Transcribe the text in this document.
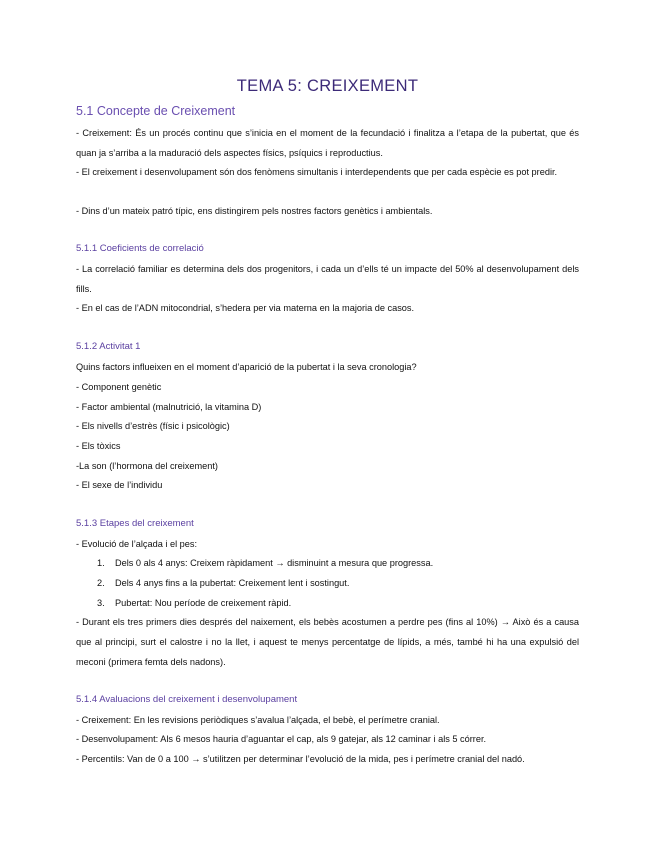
TEMA 5: CREIXEMENT
5.1 Concepte de Creixement

- Creixement: És un procés continu que s’inicia en el moment de la fecundació i finalitza a l’etapa de la pubertat, que és quan ja s’arriba a la maduració dels aspectes físics, psíquics i reproductius.

- El creixement i desenvolupament són dos fenòmens simultanis i interdependents que per cada espècie es pot predir.

- Dins d’un mateix patró típic, ens distingirem pels nostres factors genètics i ambientals.

5.1.1 Coeficients de correlació

- La correlació familiar es determina dels dos progenitors, i cada un d’ells té un impacte del 50% al desenvolupament dels fills.

- En el cas de l’ADN mitocondrial, s’hedera per via materna en la majoria de casos.

5.1.2 Activitat 1

Quins factors influeixen en el moment d’aparició de la pubertat i la seva cronologia?

- Component genètic

- Factor ambiental (malnutrició, la vitamina D)

- Els nivells d’estrès (físic i psicològic)

- Els tòxics

-La son (l’hormona del creixement)

- El sexe de l’individu

5.1.3 Etapes del creixement

- Evolució de l’alçada i el pes:

1. Dels 0 als 4 anys: Creixem ràpidament → disminuint a mesura que progressa.

2. Dels 4 anys fins a la pubertat: Creixement lent i sostingut.

3. Pubertat: Nou període de creixement ràpid.

- Durant els tres primers dies després del naixement, els bebès acostumen a perdre pes (fins al 10%) → Això és a causa que al principi, surt el calostre i no la llet, i aquest te menys percentatge de lípids, a més, també hi ha una expulsió del meconi (primera femta dels nadons).

5.1.4 Avaluacions del creixement i desenvolupament

- Creixement: En les revisions periòdiques s’avalua l’alçada, el bebè, el perímetre cranial.

- Desenvolupament: Als 6 mesos hauria d’aguantar el cap, als 9 gatejar, als 12 caminar i als 5 córrer.

- Percentils: Van de 0 a 100 → s’utilitzen per determinar l’evolució de la mida, pes i perímetre cranial del nadó.
